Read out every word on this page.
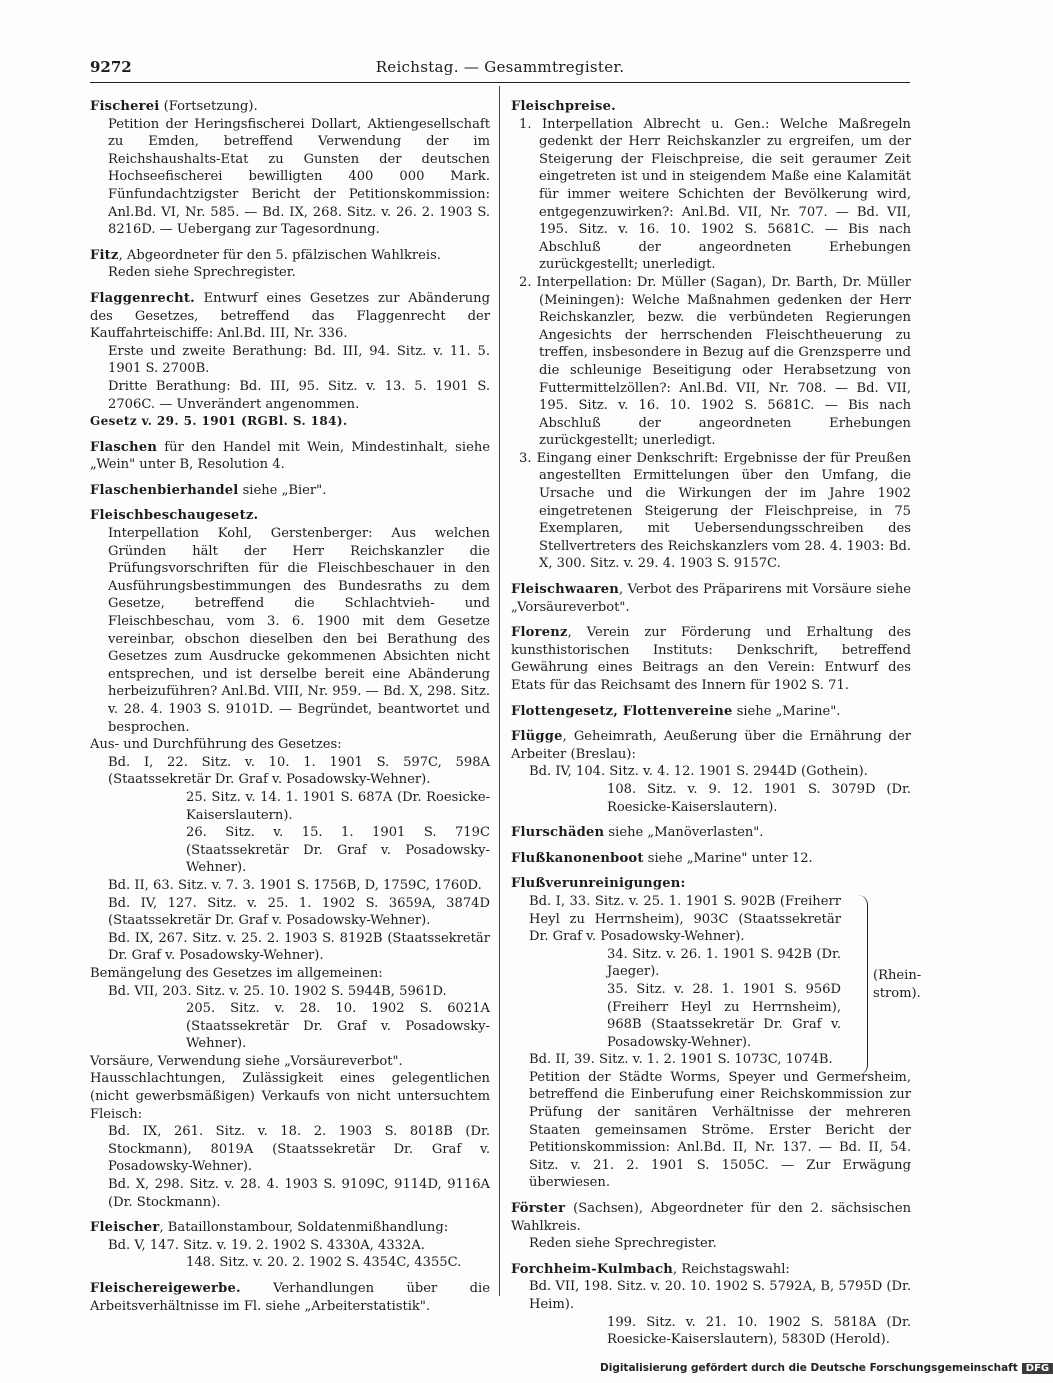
9272	Reichstag. — Gesammtregister.
Fischerei (Fortsetzung).
Petition der Heringsfischerei Dollart, Aktiengesellschaft zu Emden, betreffend Verwendung der im Reichshaushalts-Etat zu Gunsten der deutschen Hochseefischerei bewilligten 400 000 Mark. Fünfundachtzigster Bericht der Petitionskommission: Anl.Bd. VI, Nr. 585. — Bd. IX, 268. Sitz. v. 26. 2. 1903 S. 8216D. — Uebergang zur Tagesordnung.
Fitz, Abgeordneter für den 5. pfälzischen Wahlkreis.
Reden siehe Sprechregister.
Flaggenrecht. Entwurf eines Gesetzes zur Abänderung des Gesetzes, betreffend das Flaggenrecht der Kauffahrteischiffe: Anl.Bd. III, Nr. 336.
Erste und zweite Berathung: Bd. III, 94. Sitz. v. 11. 5. 1901 S. 2700B.
Dritte Berathung: Bd. III, 95. Sitz. v. 13. 5. 1901 S. 2706C. — Unverändert angenommen.
Gesetz v. 29. 5. 1901 (RGBl. S. 184).
Flaschen für den Handel mit Wein, Mindestinhalt, siehe „Wein" unter B, Resolution 4.
Flaschenbierhandel siehe „Bier".
Fleischbeschaugesetz.
Interpellation Kohl, Gerstenberger: Aus welchen Gründen hält der Herr Reichskanzler die Prüfungsvorschriften für die Fleischbeschauer in den Ausführungsbestimmungen des Bundesraths zu dem Gesetze, betreffend die Schlachtvieh- und Fleischbeschau, vom 3. 6. 1900 mit dem Gesetze vereinbar, obschon dieselben den bei Berathung des Gesetzes zum Ausdrucke gekommenen Absichten nicht entsprechen, und ist derselbe bereit eine Abänderung herbeizuführen? Anl.Bd. VIII, Nr. 959. — Bd. X, 298. Sitz. v. 28. 4. 1903 S. 9101D. — Begründet, beantwortet und besprochen.
Aus- und Durchführung des Gesetzes:
Bd. I, 22. Sitz. v. 10. 1. 1901 S. 597C, 598A (Staatssekretär Dr. Graf v. Posadowsky-Wehner).
25. Sitz. v. 14. 1. 1901 S. 687A (Dr. Roesicke-Kaiserslautern).
26. Sitz. v. 15. 1. 1901 S. 719C (Staatssekretär Dr. Graf v. Posadowsky-Wehner).
Bd. II, 63. Sitz. v. 7. 3. 1901 S. 1756B, D, 1759C, 1760D.
Bd. IV, 127. Sitz. v. 25. 1. 1902 S. 3659A, 3874D (Staatssekretär Dr. Graf v. Posadowsky-Wehner).
Bd. IX, 267. Sitz. v. 25. 2. 1903 S. 8192B (Staatssekretär Dr. Graf v. Posadowsky-Wehner).
Bemängelung des Gesetzes im allgemeinen:
Bd. VII, 203. Sitz. v. 25. 10. 1902 S. 5944B, 5961D.
205. Sitz. v. 28. 10. 1902 S. 6021A (Staatssekretär Dr. Graf v. Posadowsky-Wehner).
Vorsäure, Verwendung siehe „Vorsäureverbot".
Hausschlachtungen, Zulässigkeit eines gelegentlichen (nicht gewerbsmäßigen) Verkaufs von nicht untersuchtem Fleisch:
Bd. IX, 261. Sitz. v. 18. 2. 1903 S. 8018B (Dr. Stockmann), 8019A (Staatssekretär Dr. Graf v. Posadowsky-Wehner).
Bd. X, 298. Sitz. v. 28. 4. 1903 S. 9109C, 9114D, 9116A (Dr. Stockmann).
Fleischer, Bataillonstambour, Soldatenmißhandlung:
Bd. V, 147. Sitz. v. 19. 2. 1902 S. 4330A, 4332A.
148. Sitz. v. 20. 2. 1902 S. 4354C, 4355C.
Fleischereigewerbe. Verhandlungen über die Arbeitsverhältnisse im Fl. siehe „Arbeiterstatistik".
Fleischpreise.
1. Interpellation Albrecht u. Gen.: Welche Maßregeln gedenkt der Herr Reichskanzler zu ergreifen, um der Steigerung der Fleischpreise, die seit geraumer Zeit eingetreten ist und in steigendem Maße eine Kalamität für immer weitere Schichten der Bevölkerung wird, entgegenzuwirken?: Anl.Bd. VII, Nr. 707. — Bd. VII, 195. Sitz. v. 16. 10. 1902 S. 5681C. — Bis nach Abschluß der angeordneten Erhebungen zurückgestellt; unerledigt.
2. Interpellation: Dr. Müller (Sagan), Dr. Barth, Dr. Müller (Meiningen): Welche Maßnahmen gedenken der Herr Reichskanzler, bezw. die verbündeten Regierungen Angesichts der herrschenden Fleischtheuerung zu treffen, insbesondere in Bezug auf die Grenzsperre und die schleunige Beseitigung oder Herabsetzung von Futtermittelzöllen?: Anl.Bd. VII, Nr. 708. — Bd. VII, 195. Sitz. v. 16. 10. 1902 S. 5681C. — Bis nach Abschluß der angeordneten Erhebungen zurückgestellt; unerledigt.
3. Eingang einer Denkschrift: Ergebnisse der für Preußen angestellten Ermittelungen über den Umfang, die Ursache und die Wirkungen der im Jahre 1902 eingetretenen Steigerung der Fleischpreise, in 75 Exemplaren, mit Uebersendungsschreiben des Stellvertreters des Reichskanzlers vom 28. 4. 1903: Bd. X, 300. Sitz. v. 29. 4. 1903 S. 9157C.
Fleischwaaren, Verbot des Präparirens mit Vorsäure siehe „Vorsäureverbot".
Florenz, Verein zur Förderung und Erhaltung des kunsthistorischen Instituts: Denkschrift, betreffend Gewährung eines Beitrags an den Verein: Entwurf des Etats für das Reichsamt des Innern für 1902 S. 71.
Flottengesetz, Flottenvereine siehe „Marine".
Flügge, Geheimrath, Aeußerung über die Ernährung der Arbeiter (Breslau):
Bd. IV, 104. Sitz. v. 4. 12. 1901 S. 2944D (Gothein).
108. Sitz. v. 9. 12. 1901 S. 3079D (Dr. Roesicke-Kaiserslautern).
Flurschäden siehe „Manöverlasten".
Flußkanonenboot siehe „Marine" unter 12.
Flußverunreinigungen:
Bd. I, 33. Sitz. v. 25. 1. 1901 S. 902B (Freiherr Heyl zu Herrnsheim), 903C (Staatssekretär Dr. Graf v. Posadowsky-Wehner).
34. Sitz. v. 26. 1. 1901 S. 942B (Dr. Jaeger).
35. Sitz. v. 28. 1. 1901 S. 956D (Freiherr Heyl zu Herrnsheim), 968B (Staatssekretär Dr. Graf v. Posadowsky-Wehner).
(Rhein-strom).
Bd. II, 39. Sitz. v. 1. 2. 1901 S. 1073C, 1074B.
Petition der Städte Worms, Speyer und Germersheim, betreffend die Einberufung einer Reichskommission zur Prüfung der sanitären Verhältnisse der mehreren Staaten gemeinsamen Ströme. Erster Bericht der Petitionskommission: Anl.Bd. II, Nr. 137. — Bd. II, 54. Sitz. v. 21. 2. 1901 S. 1505C. — Zur Erwägung überwiesen.
Förster (Sachsen), Abgeordneter für den 2. sächsischen Wahlkreis.
Reden siehe Sprechregister.
Forchheim-Kulmbach, Reichstagswahl:
Bd. VII, 198. Sitz. v. 20. 10. 1902 S. 5792A, B, 5795D (Dr. Heim).
199. Sitz. v. 21. 10. 1902 S. 5818A (Dr. Roesicke-Kaiserslautern), 5830D (Herold).
Digitalisierung gefördert durch die Deutsche Forschungsgemeinschaft DFG
